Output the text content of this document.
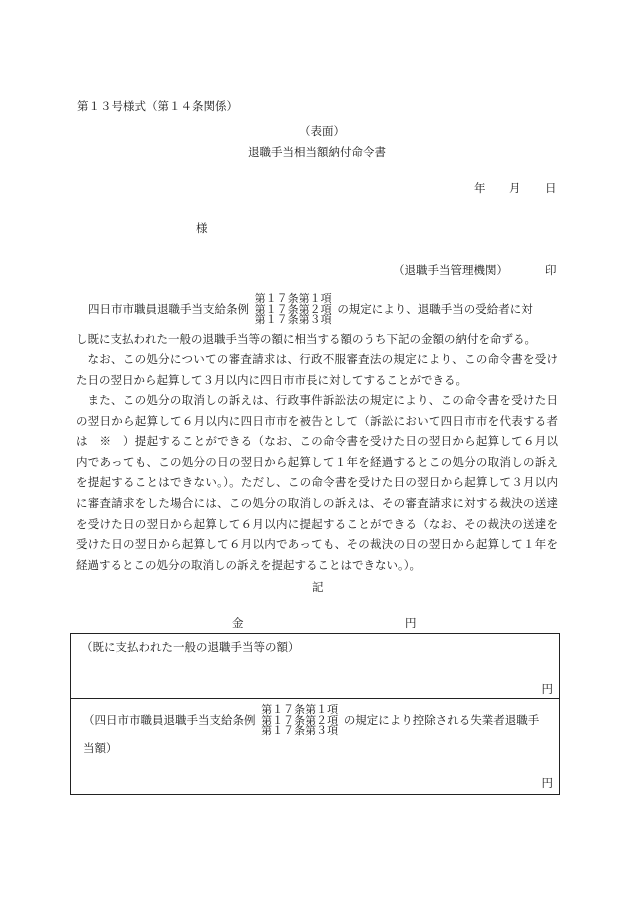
第１３号様式（第１４条関係）
（表面）
退職手当相当額納付命令書
年 月 日
様
（退職手当管理機関）	印
四日市市職員退職手当支給条例
第１７条第１項
第１７条第２項
第１７条第３項
の規定により、退職手当の受給者に対
し既に支払われた一般の退職手当等の額に相当する額のうち下記の金額の納付を命ずる。
なお、この処分についての審査請求は、行政不服審査法の規定により、この命令書を受けた日の翌日から起算して３月以内に四日市市長に対してすることができる。
また、この処分の取消しの訴えは、行政事件訴訟法の規定により、この命令書を受けた日の翌日から起算して６月以内に四日市市を被告として（訴訟において四日市市を代表する者は　※　）提起することができる（なお、この命令書を受けた日の翌日から起算して６月以内であっても、この処分の日の翌日から起算して１年を経過するとこの処分の取消しの訴えを提起することはできない。）。ただし、この命令書を受けた日の翌日から起算して３月以内に審査請求をした場合には、この処分の取消しの訴えは、その審査請求に対する裁決の送達を受けた日の翌日から起算して６月以内に提起することができる（なお、その裁決の送達を受けた日の翌日から起算して６月以内であっても、その裁決の日の翌日から起算して１年を経過するとこの処分の取消しの訴えを提起することはできない。）。
記
金	円
（既に支払われた一般の退職手当等の額）
円
（四日市市職員退職手当支給条例
第１７条第１項
第１７条第２項
第１７条第３項
の規定により控除される失業者退職手
当額）
円
